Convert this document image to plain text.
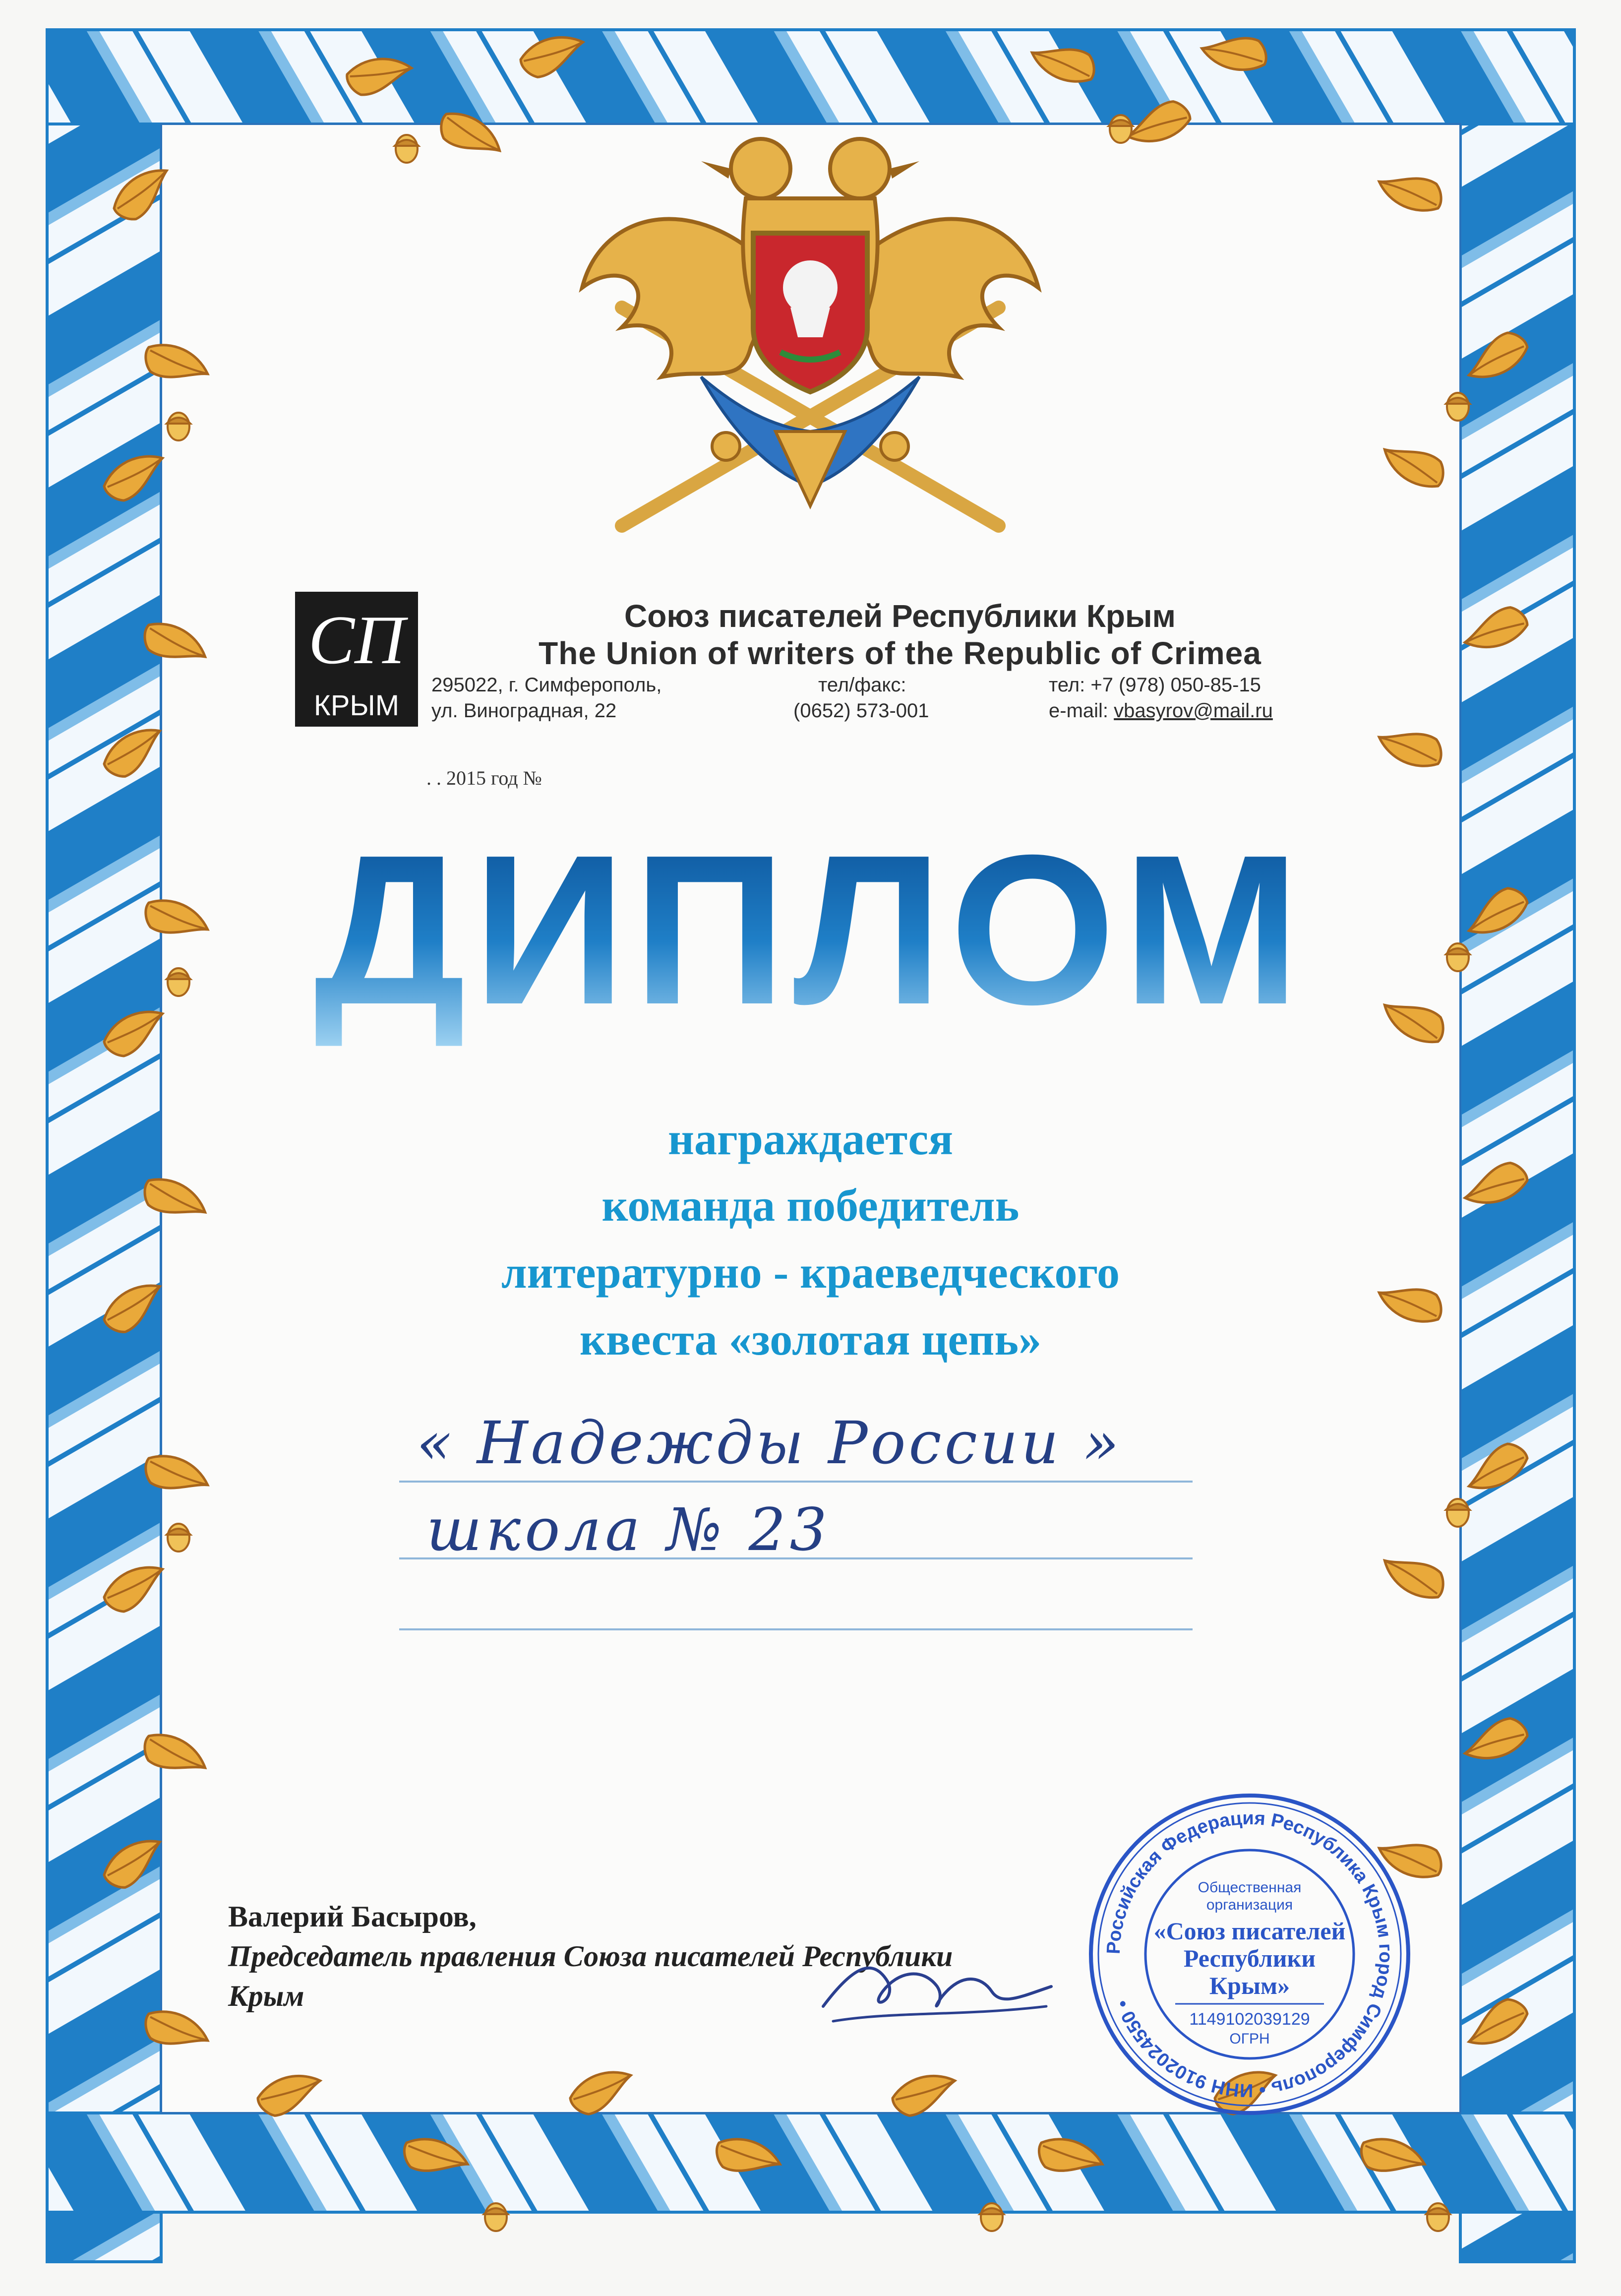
СП
КРЫМ
Союз писателей Республики Крым
The Union of writers of the Republic of Crimea
295022, г. Симферополь,
ул. Виноградная, 22
тел/факс:
(0652) 573-001
тел: +7 (978) 050-85-15
e-mail: vbasyrov@mail.ru
. . 2015 год №
ДИПЛОМ
награждается
команда победитель
литературно - краеведческого
квеста «золотая цепь»
« Надежды России »
школа № 23
Валерий Басыров,
Председатель правления Союза писателей Республики
Крым
Российская Федерация Республика Крым город Симферополь • ИНН 9102024550 •
Общественная
организация
«Союз писателей
Республики
Крым»
1149102039129
ОГРН
